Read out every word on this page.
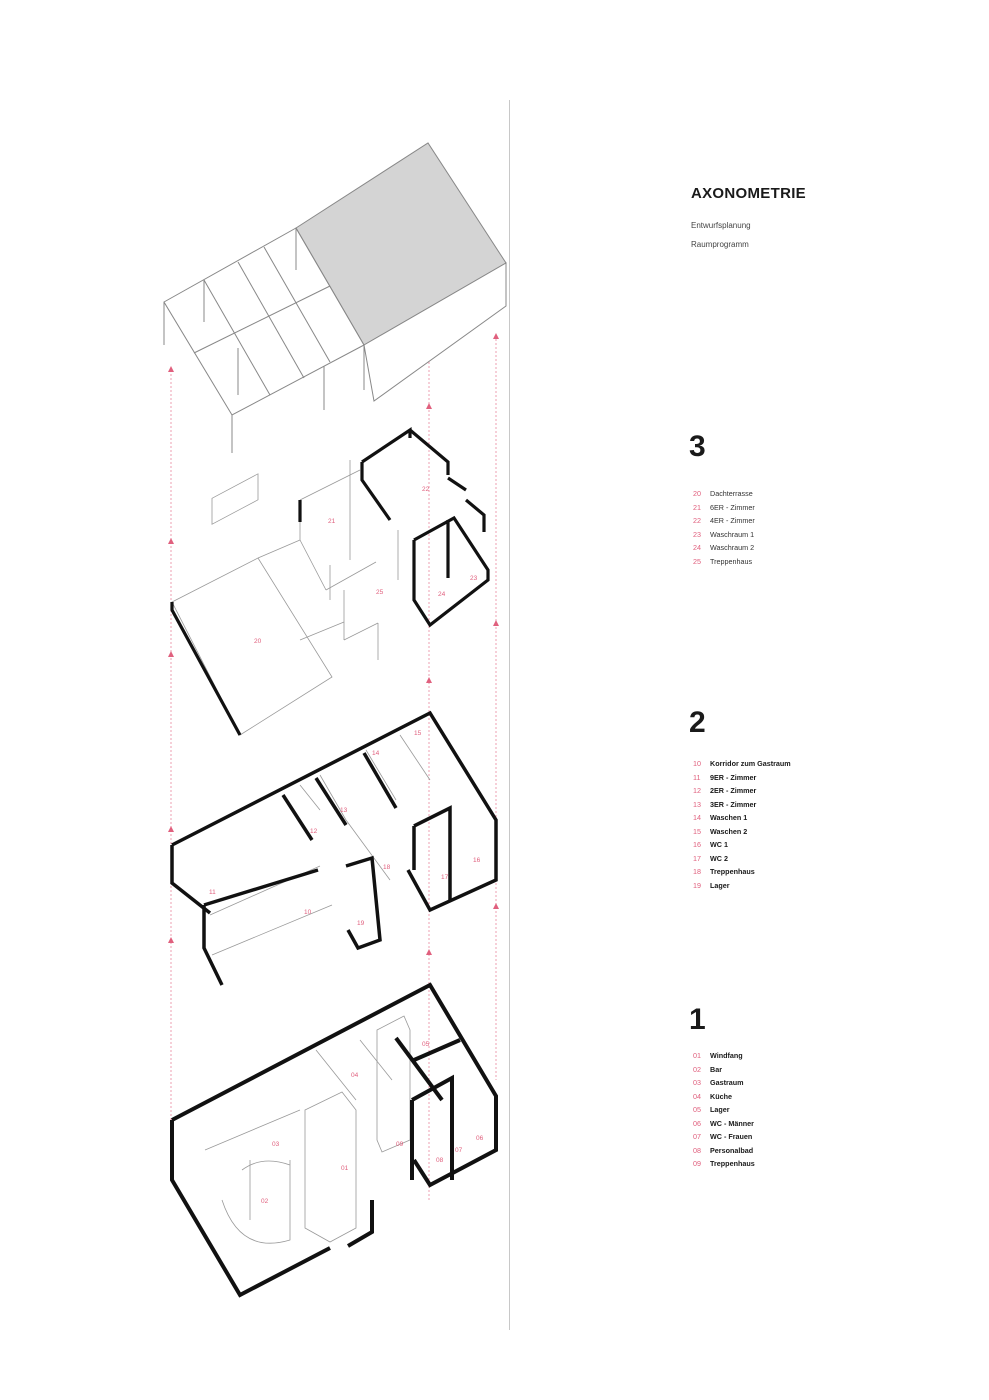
20
21
22
23
24
25
10
11
12
13
14
15
16
17
18
19
01
02
03
04
05
06
07
08
09
AXONOMETRIE
Entwurfsplanung
Raumprogramm
3
20 Dachterrasse
21 6ER - Zimmer
22 4ER - Zimmer
23 Waschraum 1
24 Waschraum 2
25 Treppenhaus
2
10 Korridor zum Gastraum
11 9ER - Zimmer
12 2ER - Zimmer
13 3ER - Zimmer
14 Waschen 1
15 Waschen 2
16 WC 1
17 WC 2
18 Treppenhaus
19 Lager
1
01 Windfang
02 Bar
03 Gastraum
04 Küche
05 Lager
06 WC - Männer
07 WC - Frauen
08 Personalbad
09 Treppenhaus
